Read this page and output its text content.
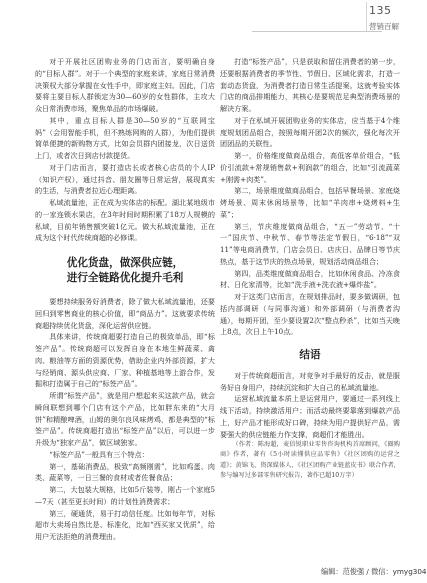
135
营销百解

对于开展社区团购业务的门店而言，要明确自身的“目标人群”。对于一个典型的家庭来讲，家庭日常消费决策权大部分掌握在女性手中，即家庭主妇。因此，门店要将主要目标人群锁定为30—60岁的女性群体，主攻大众日常消费市场，聚焦单品的市场爆破。

其中，重点目标人群是30—50岁的“互联网宝妈”（会用智能手机，但不熟练网购的人群），为他们提供简单便捷的新购物方式，比如会员群内团接龙，次日送货上门，或者次日到店付款提货。

对于门店而言，要打造店长或者核心店员的个人IP（知识产权），通过抖音、朋友圈等日常运营，展现真实的生活，与消费者拉近心理距离。

私域流量池，正在成为实体店的标配。湖北某地级市的一家连锁水果店，在3年时间时期积累了18万人规模的私域，目前年销售额突破1亿元。做大私域流量池，正在成为这个时代传统商超的必修课。

优化货盘，做深供应链，
进行全链路优化提升毛利

要想持续服务好消费者，除了做大私域流量池，还要回归到零售商业的核心价值，即“商品力”。这就要求传统商超持续优化货盘，深化运营供应链。

具体来讲，传统商超要打造自己的极致单品，即“标签产品”。传统商超可以发挥自身在本地生鲜蔬菜、禽肉、粮油等方面的资源优势，借助企业内外部资源，扩大与经销商、源头供应商、厂家、种植基地等上游合作，发掘和打造属于自己的“标签产品”。

所谓“标签产品”，就是用户想起来买这款产品，就会瞬间联想到哪个门店有这个产品，比如胖东来的“大月饼”和精酿啤酒，山姆的奥尔良风味烤鸡，都是典型的“标签产品”。传统商超打造出“标签产品”以后，可以进一步升级为“独家产品”，做区域独家。

“标签产品”一般具有三个特点：

第一，基础消费品，极致“高频刚需”，比如鸡蛋、肉类、蔬菜等，一日三餐的食材或者佐餐食品；

第二，大包装大规格，比如5斤装等，刚占一个家庭5—7天（甚至更长时间）的计划性消费需求；

第三，硬通货，易于打动信任度。比如每年节，对标超市大卖场自然比是、标准化，比如“西买家又优质”，给用户无法拒绝的消费理由。

打造“标签产品”，只是获取和留住消费者的第一步，还要根据消费者的季节性、节假日、区域化需求，打造一套动态货盘，为消费者打造日常生活提案。这就考验实体门店的商品排期能力，其核心是要规范足典型消费场景的解决方案。

对于在私域开展团购业务的实体店，应当基于4个维度规划团品组合，按照每期开团2次的频次，强化每次开团团品的关联性。

第一，价格维度做商品组合，高低客单价组合，“低价引流款+常规销售款+利润款”的组合，比如“引流蔬菜+刚需+肉类”。

第二，场景维度做商品组合，包括早餐场景、家庭烧烤场景、周末休闲场景等，比如“羊肉串+烧烤料+生菜”；

第三，节庆维度做商品组合，“五一”劳动节、“十一”国庆节、中秋节、春节等法定节假日，“6·18”“双11”等电商消费节，门店会员日、店庆日、品牌日等节庆热点，基于这节庆的热点场景，规划活动商品组合；

第四，品类维度做商品组合，比如休闲食品、冷冻食材、日化家清等，比如“洗手液+洗衣液+爆炸盐”。

对于这类门店而言，在规划排品时，要多做调研，包括内部调研（与同事沟通）和外部调研（与消费者沟通），每期开团，至少要设置2次“整点秒杀”，比如当天晚上8点，次日上午10点。

结语

对于传统商超而言，对竞争对手最好的反击，就是服务好自身用户，持续沉淀和扩大自己的私域流量池。

运营私域流量本质上是运营用户，要通过一系列线上线下活动，持续激活用户；而活动最终要靠落到爆款产品上，好产品才能形成好口碑，持续为用户提供好产品，需要强大的供应链能力作支撑，商超们才能胜出。

（作者：陈海超，麦倍锐职业零售咨询机构首席顾问，《圈购商》作者，著有《5小时读懂供应品零售》《社区团购的运营之道》；黄锦飞，资深媒体人，《社区团购产业链蓝皮书》联合作者，参与编写过多部零售研究报告，著作已超10万字）

编辑：范俊强 / 微信：ymyg304
